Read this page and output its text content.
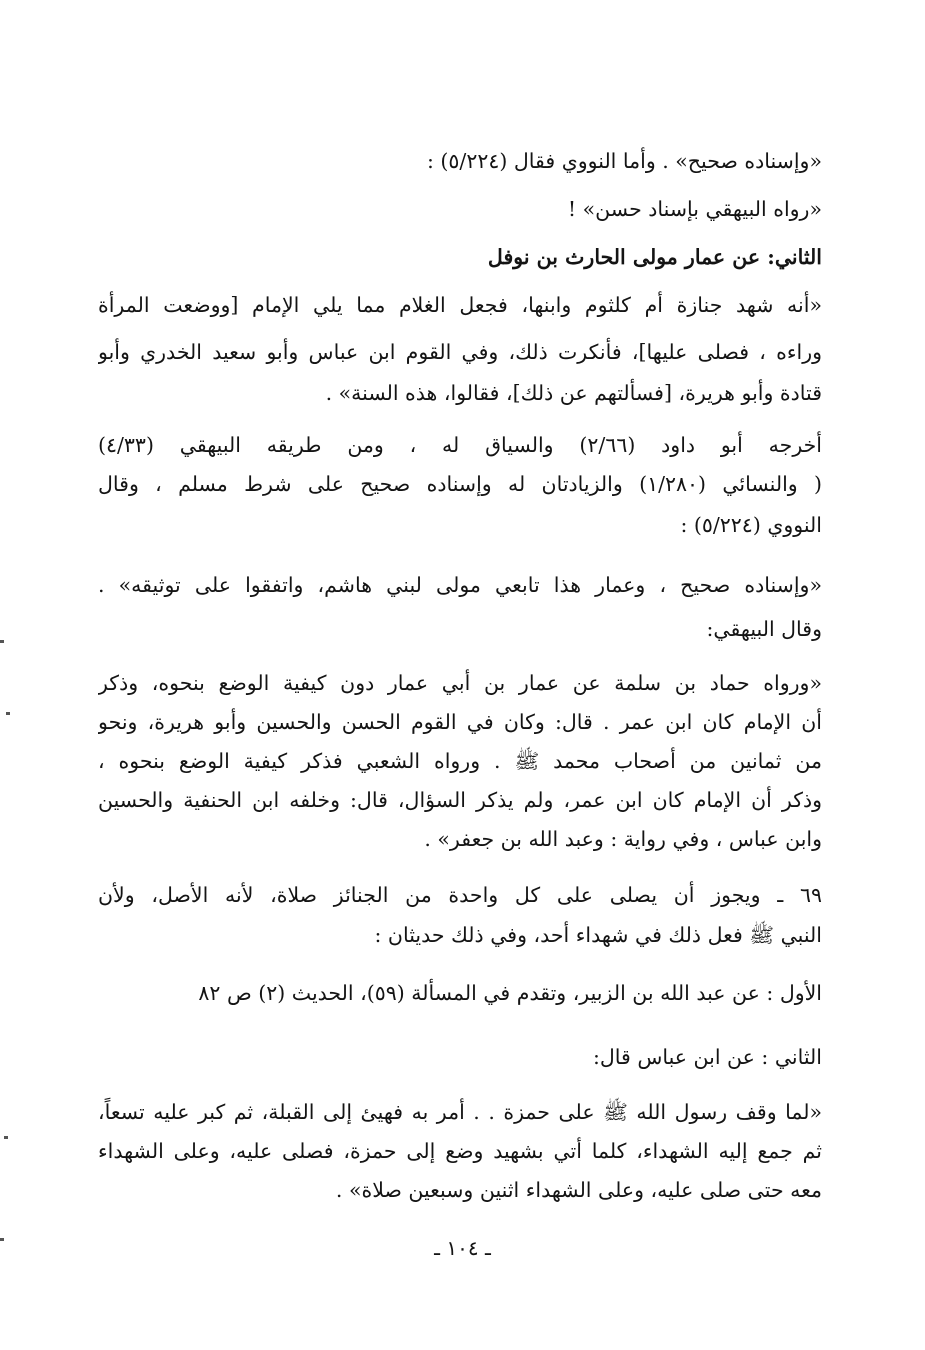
«وإسناده صحيح» . وأما النووي فقال (٥/٢٢٤) :
«رواه البيهقي بإسناد حسن» !
الثاني: عن عمار مولى الحارث بن نوفل
«أنه شهد جنازة أم كلثوم وابنها، فجعل الغلام مما يلي الإمام [ووضعت المرأة
وراءه ، فصلى عليها]، فأنكرت ذلك، وفي القوم ابن عباس وأبو سعيد الخدري وأبو
قتادة وأبو هريرة، [فسألتهم عن ذلك]، فقالوا، هذه السنة» .
أخرجه أبو داود (٢/٦٦) والسياق له ، ومن طريقه البيهقي (٤/٣٣)
( والنسائي (١/٢٨٠) والزيادتان له وإسناده صحيح على شرط مسلم ، وقال
النووي (٥/٢٢٤) :
«وإسناده صحيح ، وعمار هذا تابعي مولى لبني هاشم، واتفقوا على توثيقه» .
وقال البيهقي:
«ورواه حماد بن سلمة عن عمار بن أبي عمار دون كيفية الوضع بنحوه، وذكر
أن الإمام كان ابن عمر . قال: وكان في القوم الحسن والحسين وأبو هريرة، ونحو
من ثمانين من أصحاب محمد ﷺ . ورواه الشعبي فذكر كيفية الوضع بنحوه ،
وذكر أن الإمام كان ابن عمر، ولم يذكر السؤال، قال: وخلفه ابن الحنفية والحسين
وابن عباس ، وفي رواية : وعبد الله بن جعفر» .
٦٩ ـ ويجوز أن يصلى على كل واحدة من الجنائز صلاة، لأنه الأصل، ولأن
النبي ﷺ فعل ذلك في شهداء أحد، وفي ذلك حديثان :
الأول : عن عبد الله بن الزبير، وتقدم في المسألة (٥٩)، الحديث (٢) ص ٨٢
الثاني : عن ابن عباس قال:
«لما وقف رسول الله ﷺ على حمزة . . أمر به فهيئ إلى القبلة، ثم كبر عليه تسعاً،
ثم جمع إليه الشهداء، كلما أتي بشهيد وضع إلى حمزة، فصلى عليه، وعلى الشهداء
معه حتى صلى عليه، وعلى الشهداء اثنين وسبعين صلاة» .
ـ ١٠٤ ـ
